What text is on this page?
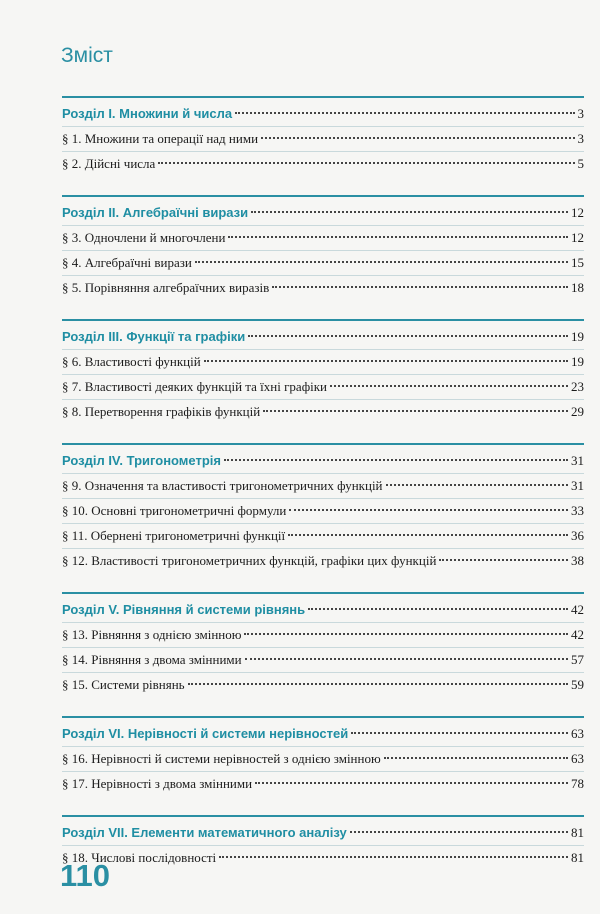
Зміст
Розділ І. Множини й числа	3
§ 1. Множини та операції над ними	3
§ 2. Дійсні числа	5
Розділ ІІ. Алгебраїчні вирази	12
§ 3. Одночлени й многочлени	12
§ 4. Алгебраїчні вирази	15
§ 5. Порівняння алгебраїчних виразів	18
Розділ ІІІ. Функції та графіки	19
§ 6. Властивості функцій	19
§ 7. Властивості деяких функцій та їхні графіки	23
§ 8. Перетворення графіків функцій	29
Розділ IV. Тригонометрія	31
§ 9. Означення та властивості тригонометричних функцій	31
§ 10. Основні тригонометричні формули	33
§ 11. Обернені тригонометричні функції	36
§ 12. Властивості тригонометричних функцій, графіки цих функцій	38
Розділ V. Рівняння й системи рівнянь	42
§ 13. Рівняння з однією змінною	42
§ 14. Рівняння з двома змінними	57
§ 15. Системи рівнянь	59
Розділ VI. Нерівності й системи нерівностей	63
§ 16. Нерівності й системи нерівностей з однією змінною	63
§ 17. Нерівності з двома змінними	78
Розділ VII. Елементи математичного аналізу	81
§ 18. Числові послідовності	81
110
